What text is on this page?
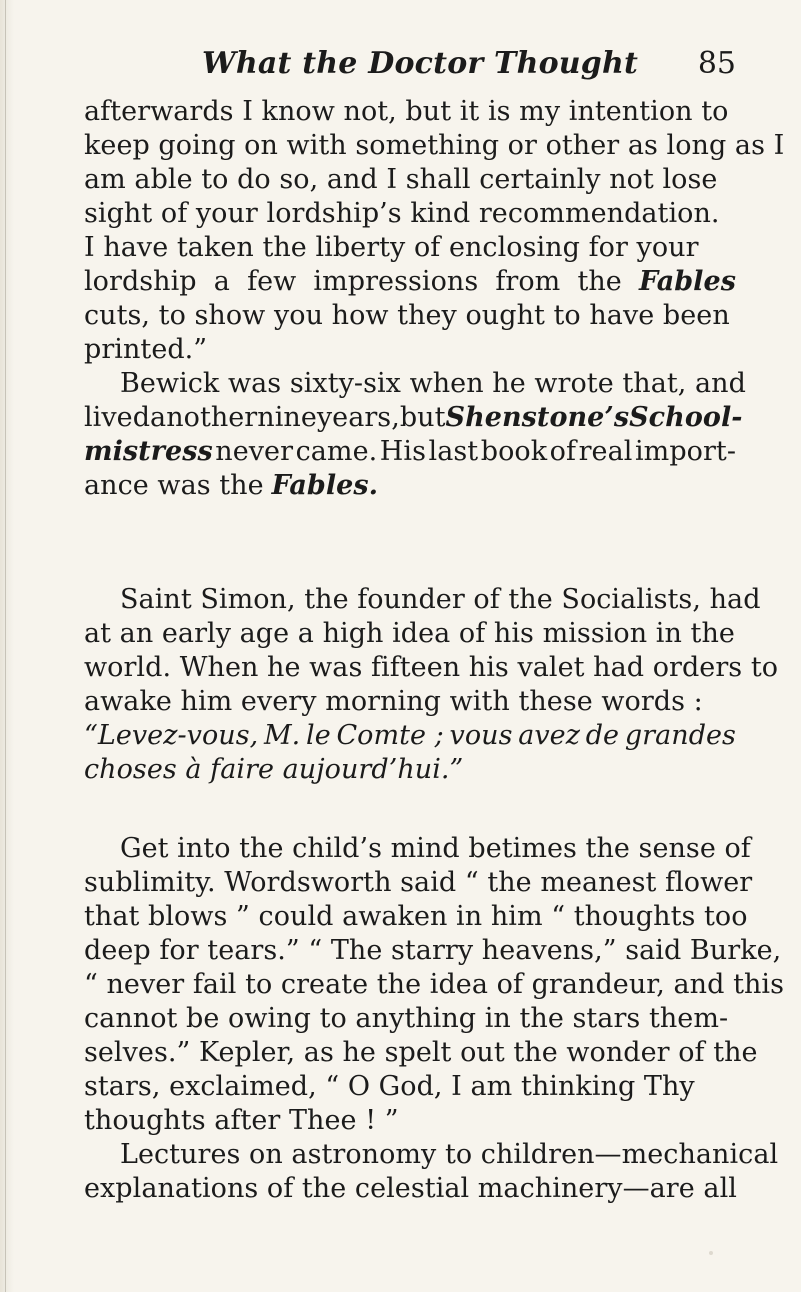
What the Doctor Thought 85
afterwards I know not, but it is my intention to
keep going on with something or other as long as I
am able to do so, and I shall certainly not lose
sight of your lordship’s kind recommendation.
I have taken the liberty of enclosing for your
lordship a few impressions from the Fables
cuts, to show you how they ought to have been
printed.”
Bewick was sixty-six when he wrote that, and
lived another nine years, but Shenstone’s School-
mistress never came. His last book of real import-
ance was the Fables.
Saint Simon, the founder of the Socialists, had
at an early age a high idea of his mission in the
world. When he was fifteen his valet had orders to
awake him every morning with these words :
“Levez-vous, M. le Comte ; vous avez de grandes
choses à faire aujourd’hui.”
Get into the child’s mind betimes the sense of
sublimity. Wordsworth said “ the meanest flower
that blows ” could awaken in him “ thoughts too
deep for tears.” “ The starry heavens,” said Burke,
“ never fail to create the idea of grandeur, and this
cannot be owing to anything in the stars them-
selves.” Kepler, as he spelt out the wonder of the
stars, exclaimed, “ O God, I am thinking Thy
thoughts after Thee ! ”
Lectures on astronomy to children—mechanical
explanations of the celestial machinery—are all
